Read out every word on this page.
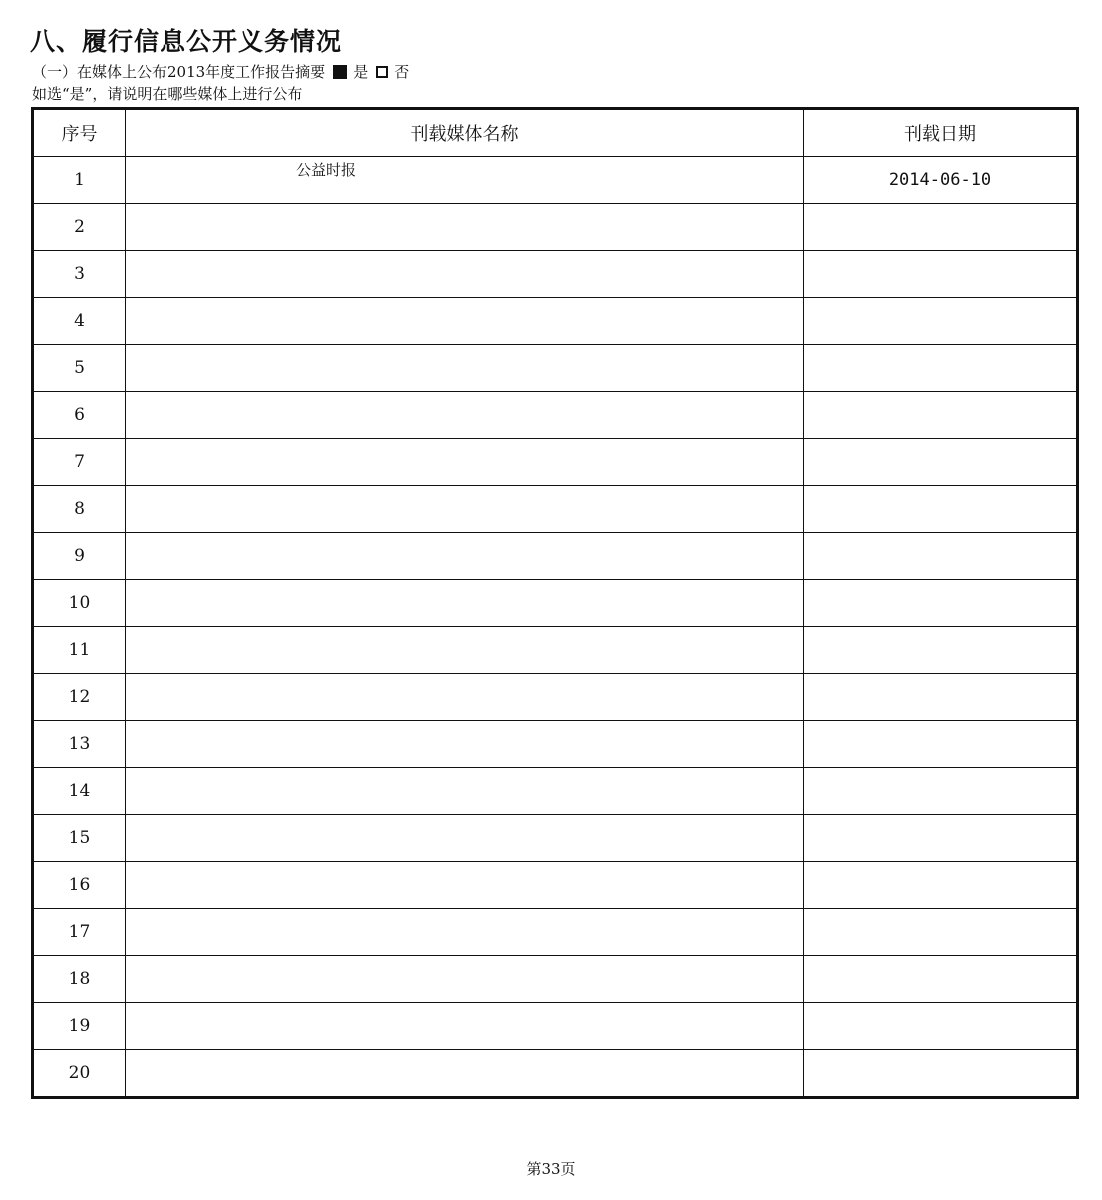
八、履行信息公开义务情况
（一）在媒体上公布2013年度工作报告摘要 是 否
如选“是”，请说明在哪些媒体上进行公布
序号	刊载媒体名称	刊载日期
1	公益时报	2014-06-10
2	

3	

4	

5	

6	

7	

8	

9	

10	

11	

12	

13	

14	

15	

16	

17	

18	

19	

20	

第33页
